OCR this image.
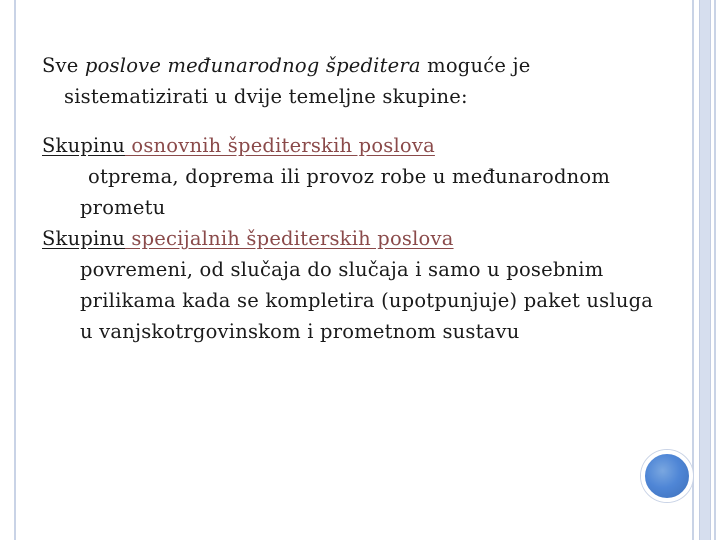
Sve poslove međunarodnog špeditera moguće je sistematizirati u dvije temeljne skupine:

Skupinu osnovnih špediterskih poslova

otprema, doprema ili provoz robe u međunarodnom prometu

Skupinu specijalnih špediterskih poslova

povremeni, od slučaja do slučaja i samo u posebnim prilikama kada se kompletira (upotpunjuje) paket usluga u vanjskotrgovinskom i prometnom sustavu
